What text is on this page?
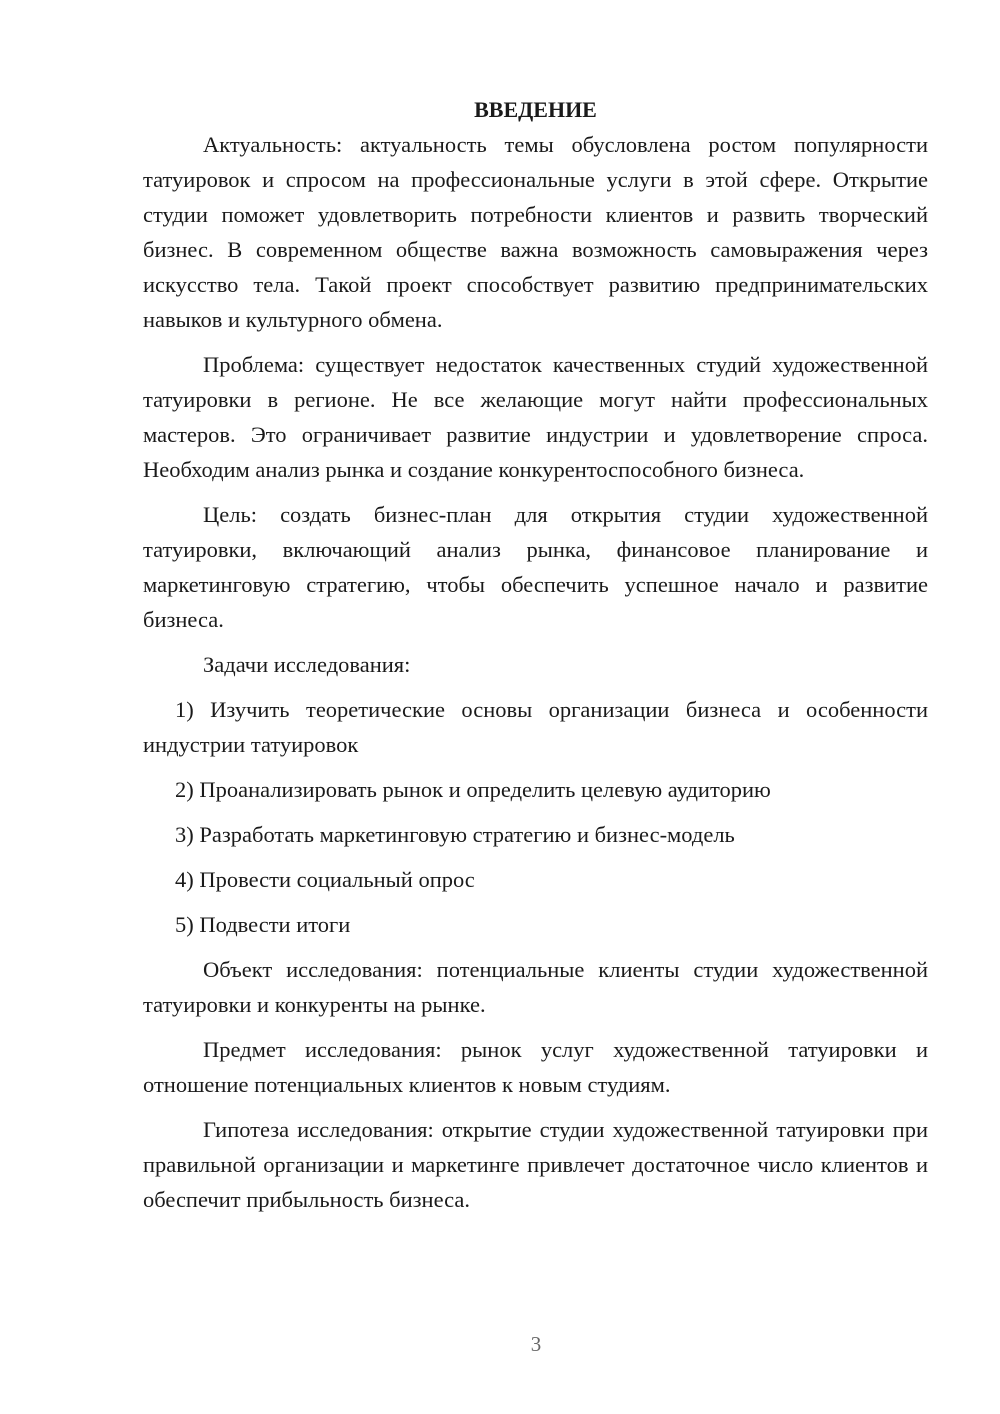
ВВЕДЕНИЕ

Актуальность: актуальность темы обусловлена ростом популярности татуировок и спросом на профессиональные услуги в этой сфере. Открытие студии поможет удовлетворить потребности клиентов и развить творческий бизнес. В современном обществе важна возможность самовыражения через искусство тела. Такой проект способствует развитию предпринимательских навыков и культурного обмена.

Проблема: существует недостаток качественных студий художественной татуировки в регионе. Не все желающие могут найти профессиональных мастеров. Это ограничивает развитие индустрии и удовлетворение спроса. Необходим анализ рынка и создание конкурентоспособного бизнеса.

Цель: создать бизнес-план для открытия студии художественной татуировки, включающий анализ рынка, финансовое планирование и маркетинговую стратегию, чтобы обеспечить успешное начало и развитие бизнеса.

Задачи исследования:

1) Изучить теоретические основы организации бизнеса и особенности индустрии татуировок

2) Проанализировать рынок и определить целевую аудиторию

3) Разработать маркетинговую стратегию и бизнес-модель

4) Провести социальный опрос

5) Подвести итоги

Объект исследования: потенциальные клиенты студии художественной татуировки и конкуренты на рынке.

Предмет исследования: рынок услуг художественной татуировки и отношение потенциальных клиентов к новым студиям.

Гипотеза исследования: открытие студии художественной татуировки при правильной организации и маркетинге привлечет достаточное число клиентов и обеспечит прибыльность бизнеса.

3
